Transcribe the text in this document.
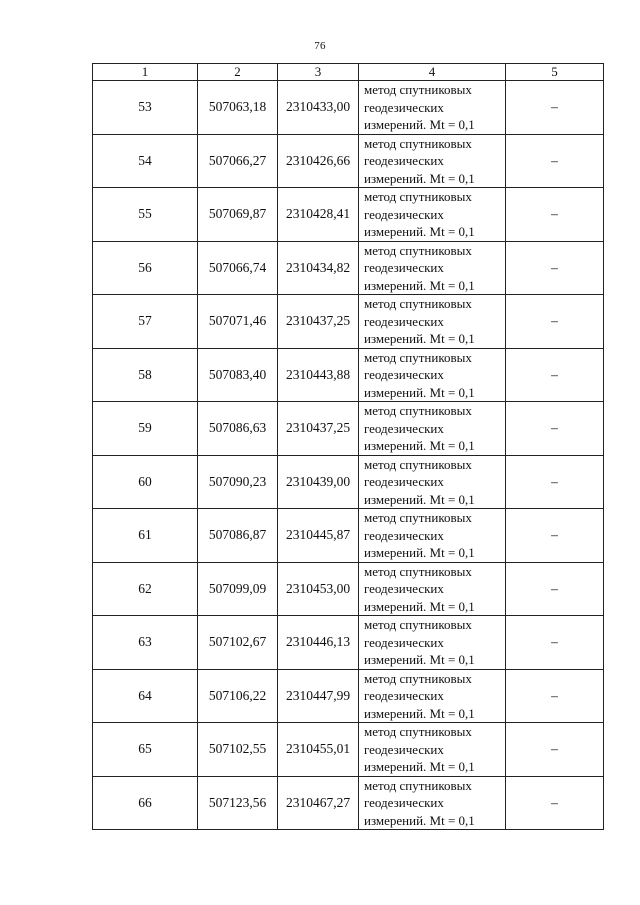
76
1	2	3	4	5
53	507063,18	2310433,00	метод спутниковых
геодезических
измерений. Mt = 0,1	–
54	507066,27	2310426,66	метод спутниковых
геодезических
измерений. Mt = 0,1	–
55	507069,87	2310428,41	метод спутниковых
геодезических
измерений. Mt = 0,1	–
56	507066,74	2310434,82	метод спутниковых
геодезических
измерений. Mt = 0,1	–
57	507071,46	2310437,25	метод спутниковых
геодезических
измерений. Mt = 0,1	–
58	507083,40	2310443,88	метод спутниковых
геодезических
измерений. Mt = 0,1	–
59	507086,63	2310437,25	метод спутниковых
геодезических
измерений. Mt = 0,1	–
60	507090,23	2310439,00	метод спутниковых
геодезических
измерений. Mt = 0,1	–
61	507086,87	2310445,87	метод спутниковых
геодезических
измерений. Mt = 0,1	–
62	507099,09	2310453,00	метод спутниковых
геодезических
измерений. Mt = 0,1	–
63	507102,67	2310446,13	метод спутниковых
геодезических
измерений. Mt = 0,1	–
64	507106,22	2310447,99	метод спутниковых
геодезических
измерений. Mt = 0,1	–
65	507102,55	2310455,01	метод спутниковых
геодезических
измерений. Mt = 0,1	–
66	507123,56	2310467,27	метод спутниковых
геодезических
измерений. Mt = 0,1	–
